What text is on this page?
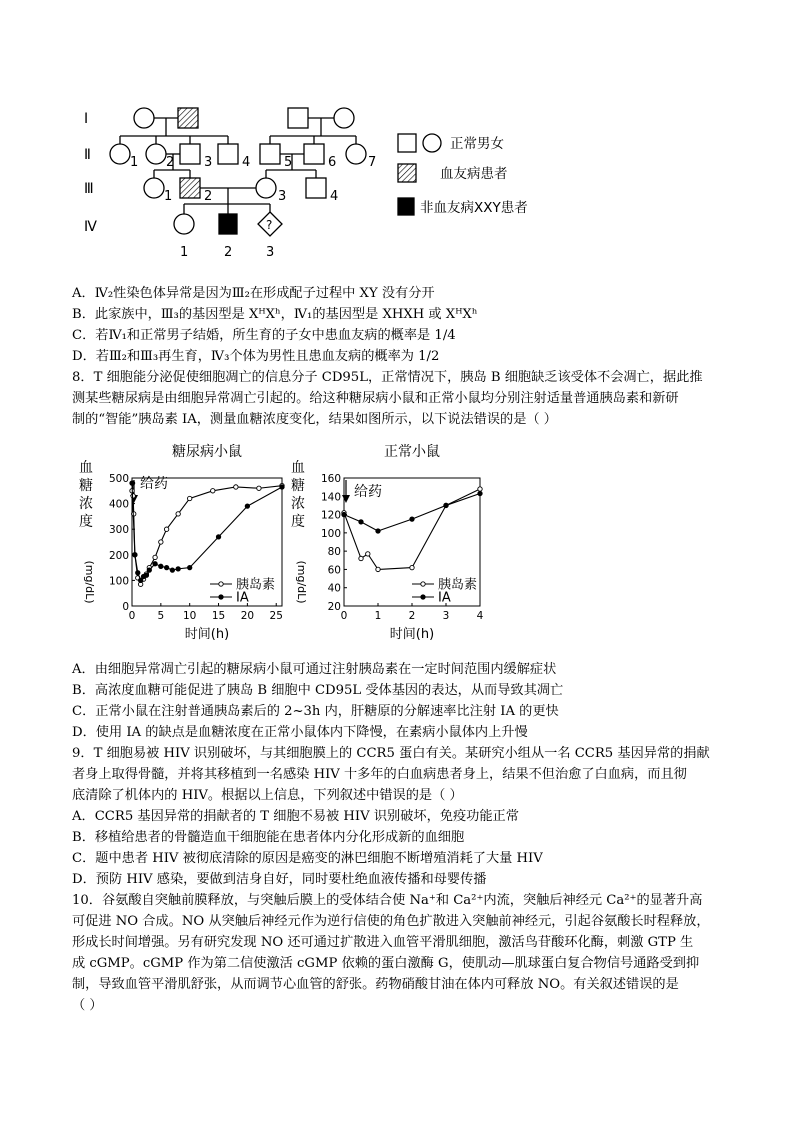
Ⅰ
Ⅱ
Ⅲ
Ⅳ
1 2 3 4	5	6 7
1 2	3	4
1	2	3
?
正常男女
血友病患者
非血友病XXY患者
A．Ⅳ₂性染色体异常是因为Ⅲ₂在形成配子过程中 XY 没有分开
B．此家族中，Ⅲ₃的基因型是 XᴴXʰ，Ⅳ₁的基因型是 XHXH 或 XᴴXʰ
C．若Ⅳ₁和正常男子结婚，所生育的子女中患血友病的概率是 1/4
D．若Ⅲ₂和Ⅲ₃再生育，Ⅳ₃个体为男性且患血友病的概率为 1/2
8．T 细胞能分泌促使细胞凋亡的信息分子 CD95L，正常情况下，胰岛 B 细胞缺乏该受体不会凋亡，据此推
测某些糖尿病是由细胞异常凋亡引起的。给这种糖尿病小鼠和正常小鼠均分别注射适量普通胰岛素和新研
制的“智能”胰岛素 IA，测量血糖浓度变化，结果如图所示，以下说法错误的是（ ）
糖尿病小鼠
0
100
200
300
400
500
0 5 10 15 20 25
时间(h)
血
糖
浓
度
(mg/dL)
给药
胰岛素
IA
正常小鼠
20
40
60
80
100
120
140
160
0	1	2	3	4
时间(h)
血
糖
浓
度
(mg/dL)
给药
胰岛素
IA
A．由细胞异常凋亡引起的糖尿病小鼠可通过注射胰岛素在一定时间范围内缓解症状
B．高浓度血糖可能促进了胰岛 B 细胞中 CD95L 受体基因的表达，从而导致其凋亡
C．正常小鼠在注射普通胰岛素后的 2~3h 内，肝糖原的分解速率比注射 IA 的更快
D．使用 IA 的缺点是血糖浓度在正常小鼠体内下降慢，在素病小鼠体内上升慢
9．T 细胞易被 HIV 识别破坏，与其细胞膜上的 CCR5 蛋白有关。某研究小组从一名 CCR5 基因异常的捐献
者身上取得骨髓，并将其移植到一名感染 HIV 十多年的白血病患者身上，结果不但治愈了白血病，而且彻
底清除了机体内的 HIV。根据以上信息，下列叙述中错误的是（ ）
A．CCR5 基因异常的捐献者的 T 细胞不易被 HIV 识别破坏，免疫功能正常
B．移植给患者的骨髓造血干细胞能在患者体内分化形成新的血细胞
C．题中患者 HIV 被彻底清除的原因是癌变的淋巴细胞不断增殖消耗了大量 HIV
D．预防 HIV 感染，要做到洁身自好，同时要杜绝血液传播和母婴传播
10．谷氨酸自突触前膜释放，与突触后膜上的受体结合使 Na⁺和 Ca²⁺内流，突触后神经元 Ca²⁺的显著升高
可促进 NO 合成。NO 从突触后神经元作为逆行信使的角色扩散进入突触前神经元，引起谷氨酸长时程释放，
形成长时间增强。另有研究发现 NO 还可通过扩散进入血管平滑肌细胞，激活鸟苷酸环化酶，刺激 GTP 生
成 cGMP。cGMP 作为第二信使激活 cGMP 依赖的蛋白激酶 G，使肌动—肌球蛋白复合物信号通路受到抑
制，导致血管平滑肌舒张，从而调节心血管的舒张。药物硝酸甘油在体内可释放 NO。有关叙述错误的是
（ ）
